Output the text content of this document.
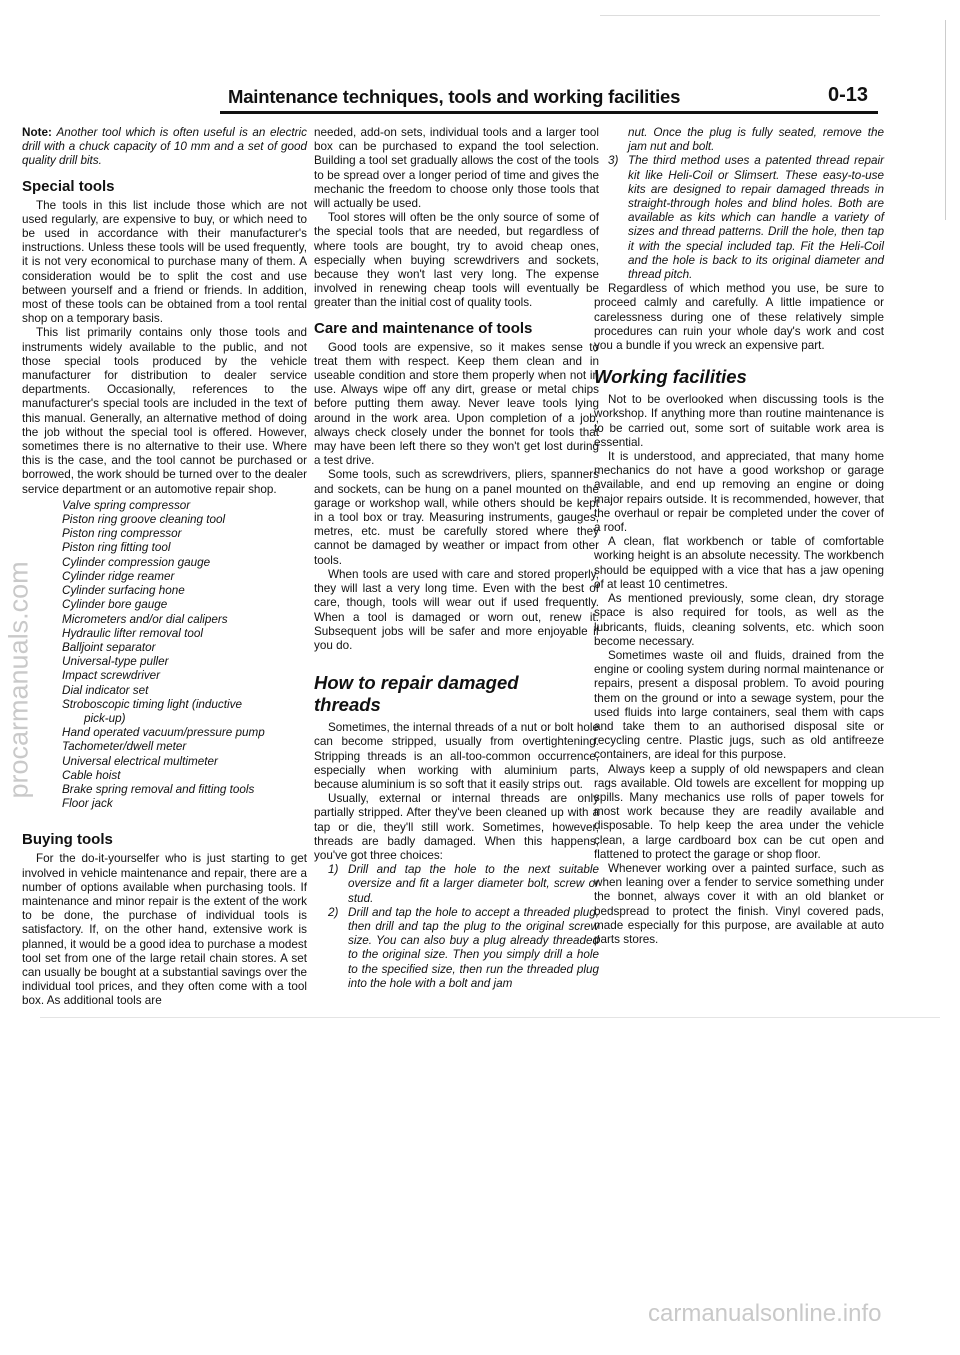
procarmanuals.com
Maintenance techniques, tools and working facilities	0-13

Note: Another tool which is often useful is an electric drill with a chuck capacity of 10 mm and a set of good quality drill bits.

Special tools

The tools in this list include those which are not used regularly, are expensive to buy, or which need to be used in accordance with their manufacturer's instructions. Unless these tools will be used frequently, it is not very economical to purchase many of them. A consideration would be to split the cost and use between yourself and a friend or friends. In addition, most of these tools can be obtained from a tool rental shop on a temporary basis.

This list primarily contains only those tools and instruments widely available to the public, and not those special tools produced by the vehicle manufacturer for distribution to dealer service departments. Occasionally, references to the manufacturer's special tools are included in the text of this manual. Generally, an alternative method of doing the job without the special tool is offered. However, sometimes there is no alternative to their use. Where this is the case, and the tool cannot be purchased or borrowed, the work should be turned over to the dealer service department or an automotive repair shop.

Valve spring compressor
Piston ring groove cleaning tool
Piston ring compressor
Piston ring fitting tool
Cylinder compression gauge
Cylinder ridge reamer
Cylinder surfacing hone
Cylinder bore gauge
Micrometers and/or dial calipers
Hydraulic lifter removal tool
Balljoint separator
Universal-type puller
Impact screwdriver
Dial indicator set
Stroboscopic timing light (inductive
pick-up)
Hand operated vacuum/pressure pump
Tachometer/dwell meter
Universal electrical multimeter
Cable hoist
Brake spring removal and fitting tools
Floor jack
Buying tools

For the do-it-yourselfer who is just starting to get involved in vehicle maintenance and repair, there are a number of options available when purchasing tools. If maintenance and minor repair is the extent of the work to be done, the purchase of individual tools is satisfactory. If, on the other hand, extensive work is planned, it would be a good idea to purchase a modest tool set from one of the large retail chain stores. A set can usually be bought at a substantial savings over the individual tool prices, and they often come with a tool box. As additional tools are

needed, add-on sets, individual tools and a larger tool box can be purchased to expand the tool selection. Building a tool set gradually allows the cost of the tools to be spread over a longer period of time and gives the mechanic the freedom to choose only those tools that will actually be used.

Tool stores will often be the only source of some of the special tools that are needed, but regardless of where tools are bought, try to avoid cheap ones, especially when buying screwdrivers and sockets, because they won't last very long. The expense involved in renewing cheap tools will eventually be greater than the initial cost of quality tools.

Care and maintenance of tools

Good tools are expensive, so it makes sense to treat them with respect. Keep them clean and in useable condition and store them properly when not in use. Always wipe off any dirt, grease or metal chips before putting them away. Never leave tools lying around in the work area. Upon completion of a job, always check closely under the bonnet for tools that may have been left there so they won't get lost during a test drive.

Some tools, such as screwdrivers, pliers, spanners and sockets, can be hung on a panel mounted on the garage or workshop wall, while others should be kept in a tool box or tray. Measuring instruments, gauges, metres, etc. must be carefully stored where they cannot be damaged by weather or impact from other tools.

When tools are used with care and stored properly, they will last a very long time. Even with the best of care, though, tools will wear out if used frequently. When a tool is damaged or worn out, renew it. Subsequent jobs will be safer and more enjoyable if you do.

How to repair damaged
threads

Sometimes, the internal threads of a nut or bolt hole can become stripped, usually from overtightening. Stripping threads is an all-too-common occurrence, especially when working with aluminium parts, because aluminium is so soft that it easily strips out.

Usually, external or internal threads are only partially stripped. After they've been cleaned up with a tap or die, they'll still work. Sometimes, however, threads are badly damaged. When this happens, you've got three choices:

1) Drill and tap the hole to the next suitable oversize and fit a larger diameter bolt, screw or stud.
2) Drill and tap the hole to accept a threaded plug, then drill and tap the plug to the original screw size. You can also buy a plug already threaded to the original size. Then you simply drill a hole to the specified size, then run the threaded plug into the hole with a bolt and jam
nut. Once the plug is fully seated, remove the jam nut and bolt.
3) The third method uses a patented thread repair kit like Heli-Coil or Slimsert. These easy-to-use kits are designed to repair damaged threads in straight-through holes and blind holes. Both are available as kits which can handle a variety of sizes and thread patterns. Drill the hole, then tap it with the special included tap. Fit the Heli-Coil and the hole is back to its original diameter and thread pitch.

Regardless of which method you use, be sure to proceed calmly and carefully. A little impatience or carelessness during one of these relatively simple procedures can ruin your whole day's work and cost you a bundle if you wreck an expensive part.

Working facilities

Not to be overlooked when discussing tools is the workshop. If anything more than routine maintenance is to be carried out, some sort of suitable work area is essential.

It is understood, and appreciated, that many home mechanics do not have a good workshop or garage available, and end up removing an engine or doing major repairs outside. It is recommended, however, that the overhaul or repair be completed under the cover of a roof.

A clean, flat workbench or table of comfortable working height is an absolute necessity. The workbench should be equipped with a vice that has a jaw opening of at least 10 centimetres.

As mentioned previously, some clean, dry storage space is also required for tools, as well as the lubricants, fluids, cleaning solvents, etc. which soon become necessary.

Sometimes waste oil and fluids, drained from the engine or cooling system during normal maintenance or repairs, present a disposal problem. To avoid pouring them on the ground or into a sewage system, pour the used fluids into large containers, seal them with caps and take them to an authorised disposal site or recycling centre. Plastic jugs, such as old antifreeze containers, are ideal for this purpose.

Always keep a supply of old newspapers and clean rags available. Old towels are excellent for mopping up spills. Many mechanics use rolls of paper towels for most work because they are readily available and disposable. To help keep the area under the vehicle clean, a large cardboard box can be cut open and flattened to protect the garage or shop floor.

Whenever working over a painted surface, such as when leaning over a fender to service something under the bonnet, always cover it with an old blanket or bedspread to protect the finish. Vinyl covered pads, made especially for this purpose, are available at auto parts stores.

carmanualsonline.info
